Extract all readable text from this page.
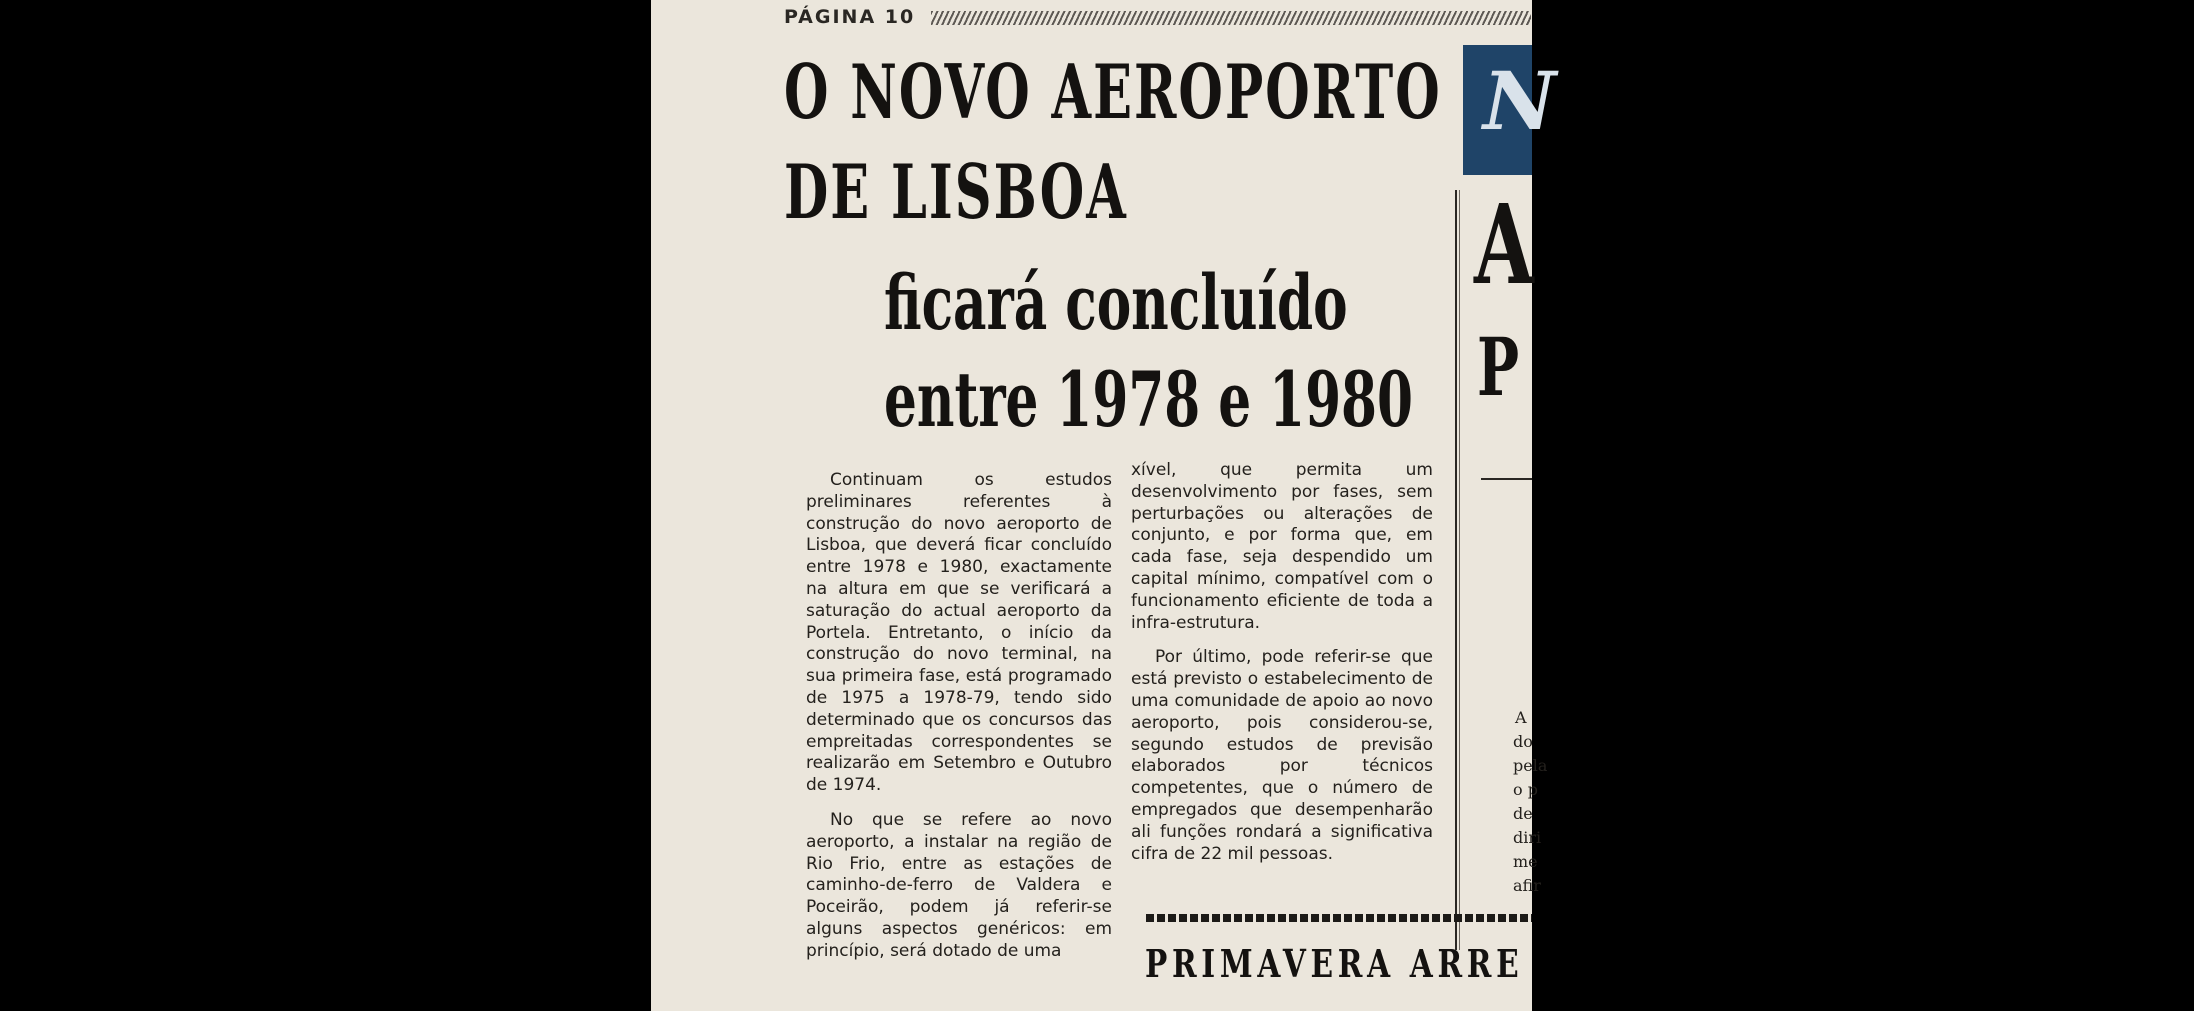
PÁGINA 10
O NOVO AEROPORTO
DE LISBOA
ficará concluído
entre 1978 e 1980

Continuam os estudos preliminares referentes à construção do novo aeroporto de Lisboa, que deverá ficar concluído entre 1978 e 1980, exactamente na altura em que se verificará a saturação do actual aeroporto da Portela. Entretanto, o início da construção do novo terminal, na sua primeira fase, está programado de 1975 a 1978-79, tendo sido determinado que os concursos das empreitadas correspondentes se realizarão em Setembro e Outubro de 1974.

No que se refere ao novo aeroporto, a instalar na região de Rio Frio, entre as estações de caminho-de-ferro de Valdera e Poceirão, podem já referir-se alguns aspectos genéricos: em princípio, será dotado de uma

xível, que permita um desenvolvimento por fases, sem perturbações ou alterações de conjunto, e por forma que, em cada fase, seja despendido um capital mínimo, compatível com o funcionamento eficiente de toda a infra-estrutura.

Por último, pode referir-se que está previsto o estabelecimento de uma comunidade de apoio ao novo aeroporto, pois considerou-se, segundo estudos de previsão elaborados por técnicos competentes, que o número de empregados que desempenharão ali funções rondará a significativa cifra de 22 mil pessoas.

N
A
P
A
do
pela
o p
de
diri
me
afir
PRIMAVERA ARRE
